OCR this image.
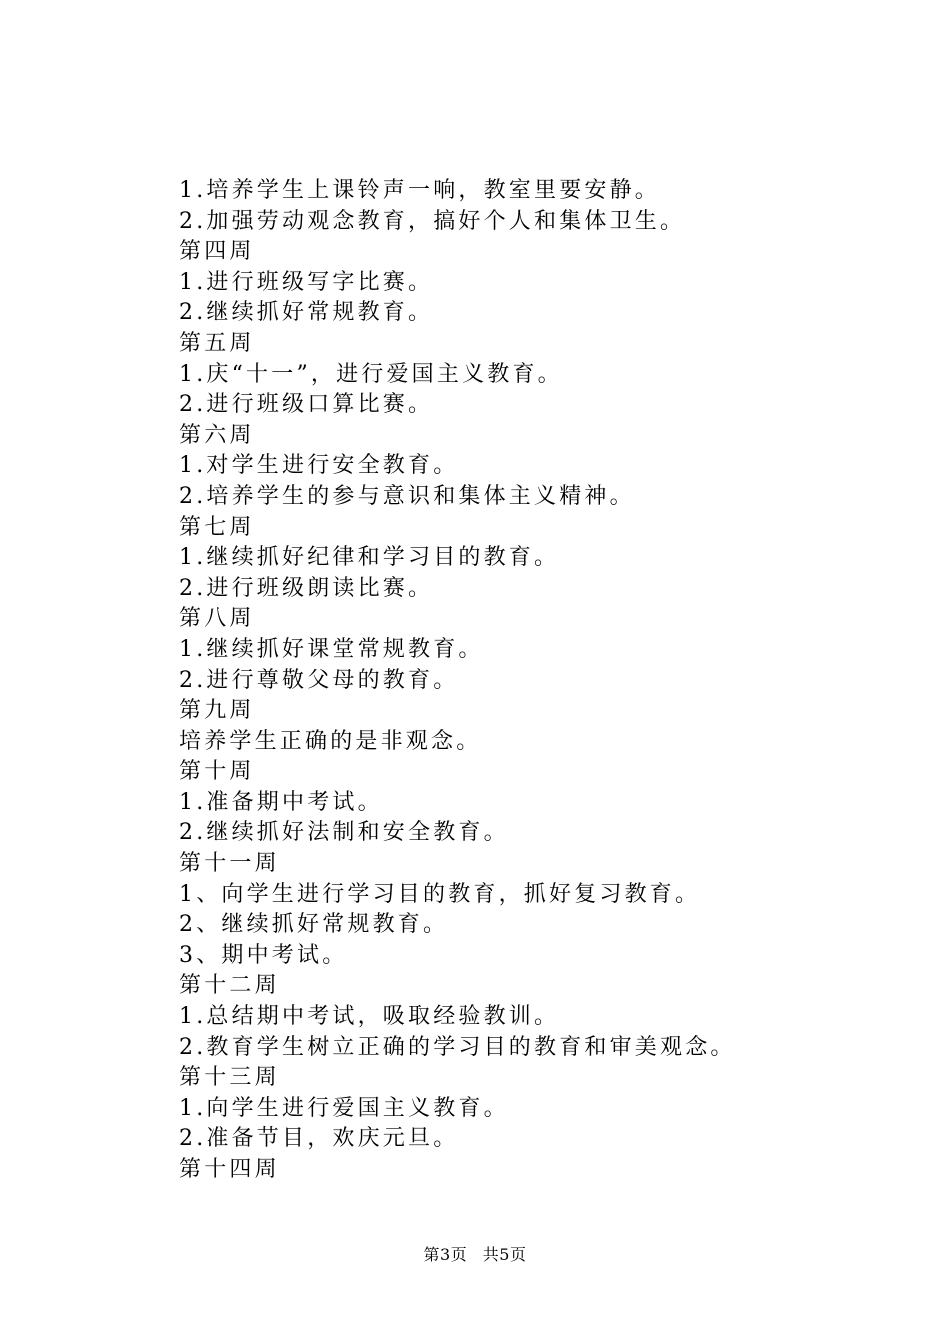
1.培养学生上课铃声一响，教室里要安静。
2.加强劳动观念教育，搞好个人和集体卫生。
第四周
1.进行班级写字比赛。
2.继续抓好常规教育。
第五周
1.庆“十一”，进行爱国主义教育。
2.进行班级口算比赛。
第六周
1.对学生进行安全教育。
2.培养学生的参与意识和集体主义精神。
第七周
1.继续抓好纪律和学习目的教育。
2.进行班级朗读比赛。
第八周
1.继续抓好课堂常规教育。
2.进行尊敬父母的教育。
第九周
培养学生正确的是非观念。
第十周
1.准备期中考试。
2.继续抓好法制和安全教育。
第十一周
1、向学生进行学习目的教育，抓好复习教育。
2、继续抓好常规教育。
3、期中考试。
第十二周
1.总结期中考试，吸取经验教训。
2.教育学生树立正确的学习目的教育和审美观念。
第十三周
1.向学生进行爱国主义教育。
2.准备节目，欢庆元旦。
第十四周
第3页 共5页
